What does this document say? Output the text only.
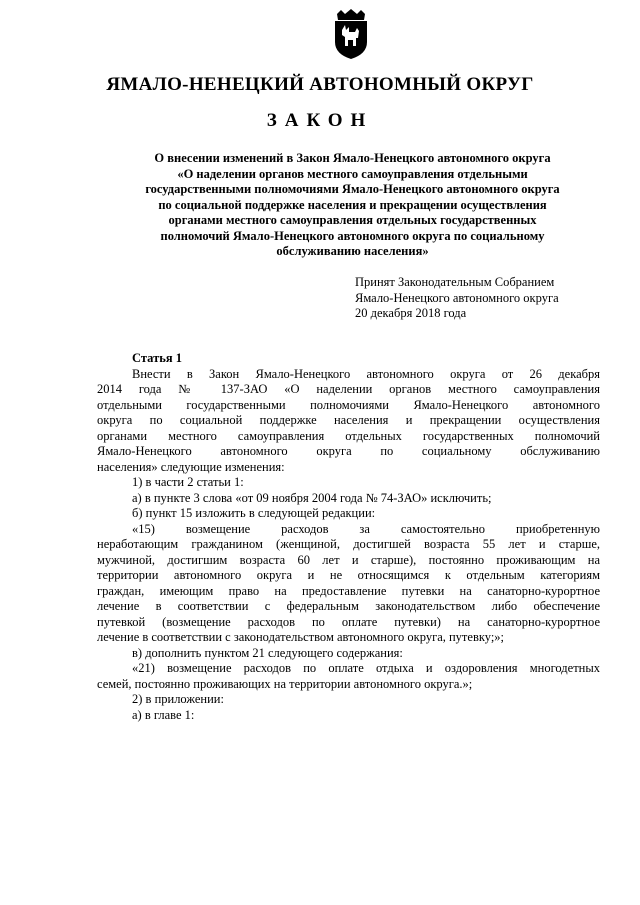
ЯМАЛО-НЕНЕЦКИЙ АВТОНОМНЫЙ ОКРУГ
ЗАКОН
О внесении изменений в Закон Ямало-Ненецкого автономного округа
«О наделении органов местного самоуправления отдельными
государственными полномочиями Ямало-Ненецкого автономного округа
по социальной поддержке населения и прекращении осуществления
органами местного самоуправления отдельных государственных
полномочий Ямало-Ненецкого автономного округа по социальному
обслуживанию населения»
Принят Законодательным Собранием
Ямало-Ненецкого автономного округа
20 декабря 2018 года
Статья 1
Внести в Закон Ямало-Ненецкого автономного округа от 26 декабря
2014 года № 137-ЗАО «О наделении органов местного самоуправления
отдельными государственными полномочиями Ямало-Ненецкого автономного
округа по социальной поддержке населения и прекращении осуществления
органами местного самоуправления отдельных государственных полномочий
Ямало-Ненецкого автономного округа по социальному обслуживанию
населения» следующие изменения:
1) в части 2 статьи 1:
а) в пункте 3 слова «от 09 ноября 2004 года № 74-ЗАО» исключить;
б) пункт 15 изложить в следующей редакции:
«15) возмещение расходов за самостоятельно приобретенную
неработающим гражданином (женщиной, достигшей возраста 55 лет и старше,
мужчиной, достигшим возраста 60 лет и старше), постоянно проживающим на
территории автономного округа и не относящимся к отдельным категориям
граждан, имеющим право на предоставление путевки на санаторно-курортное
лечение в соответствии с федеральным законодательством либо обеспечение
путевкой (возмещение расходов по оплате путевки) на санаторно-курортное
лечение в соответствии с законодательством автономного округа, путевку;»;
в) дополнить пунктом 21 следующего содержания:
«21) возмещение расходов по оплате отдыха и оздоровления многодетных
семей, постоянно проживающих на территории автономного округа.»;
2) в приложении:
а) в главе 1:
